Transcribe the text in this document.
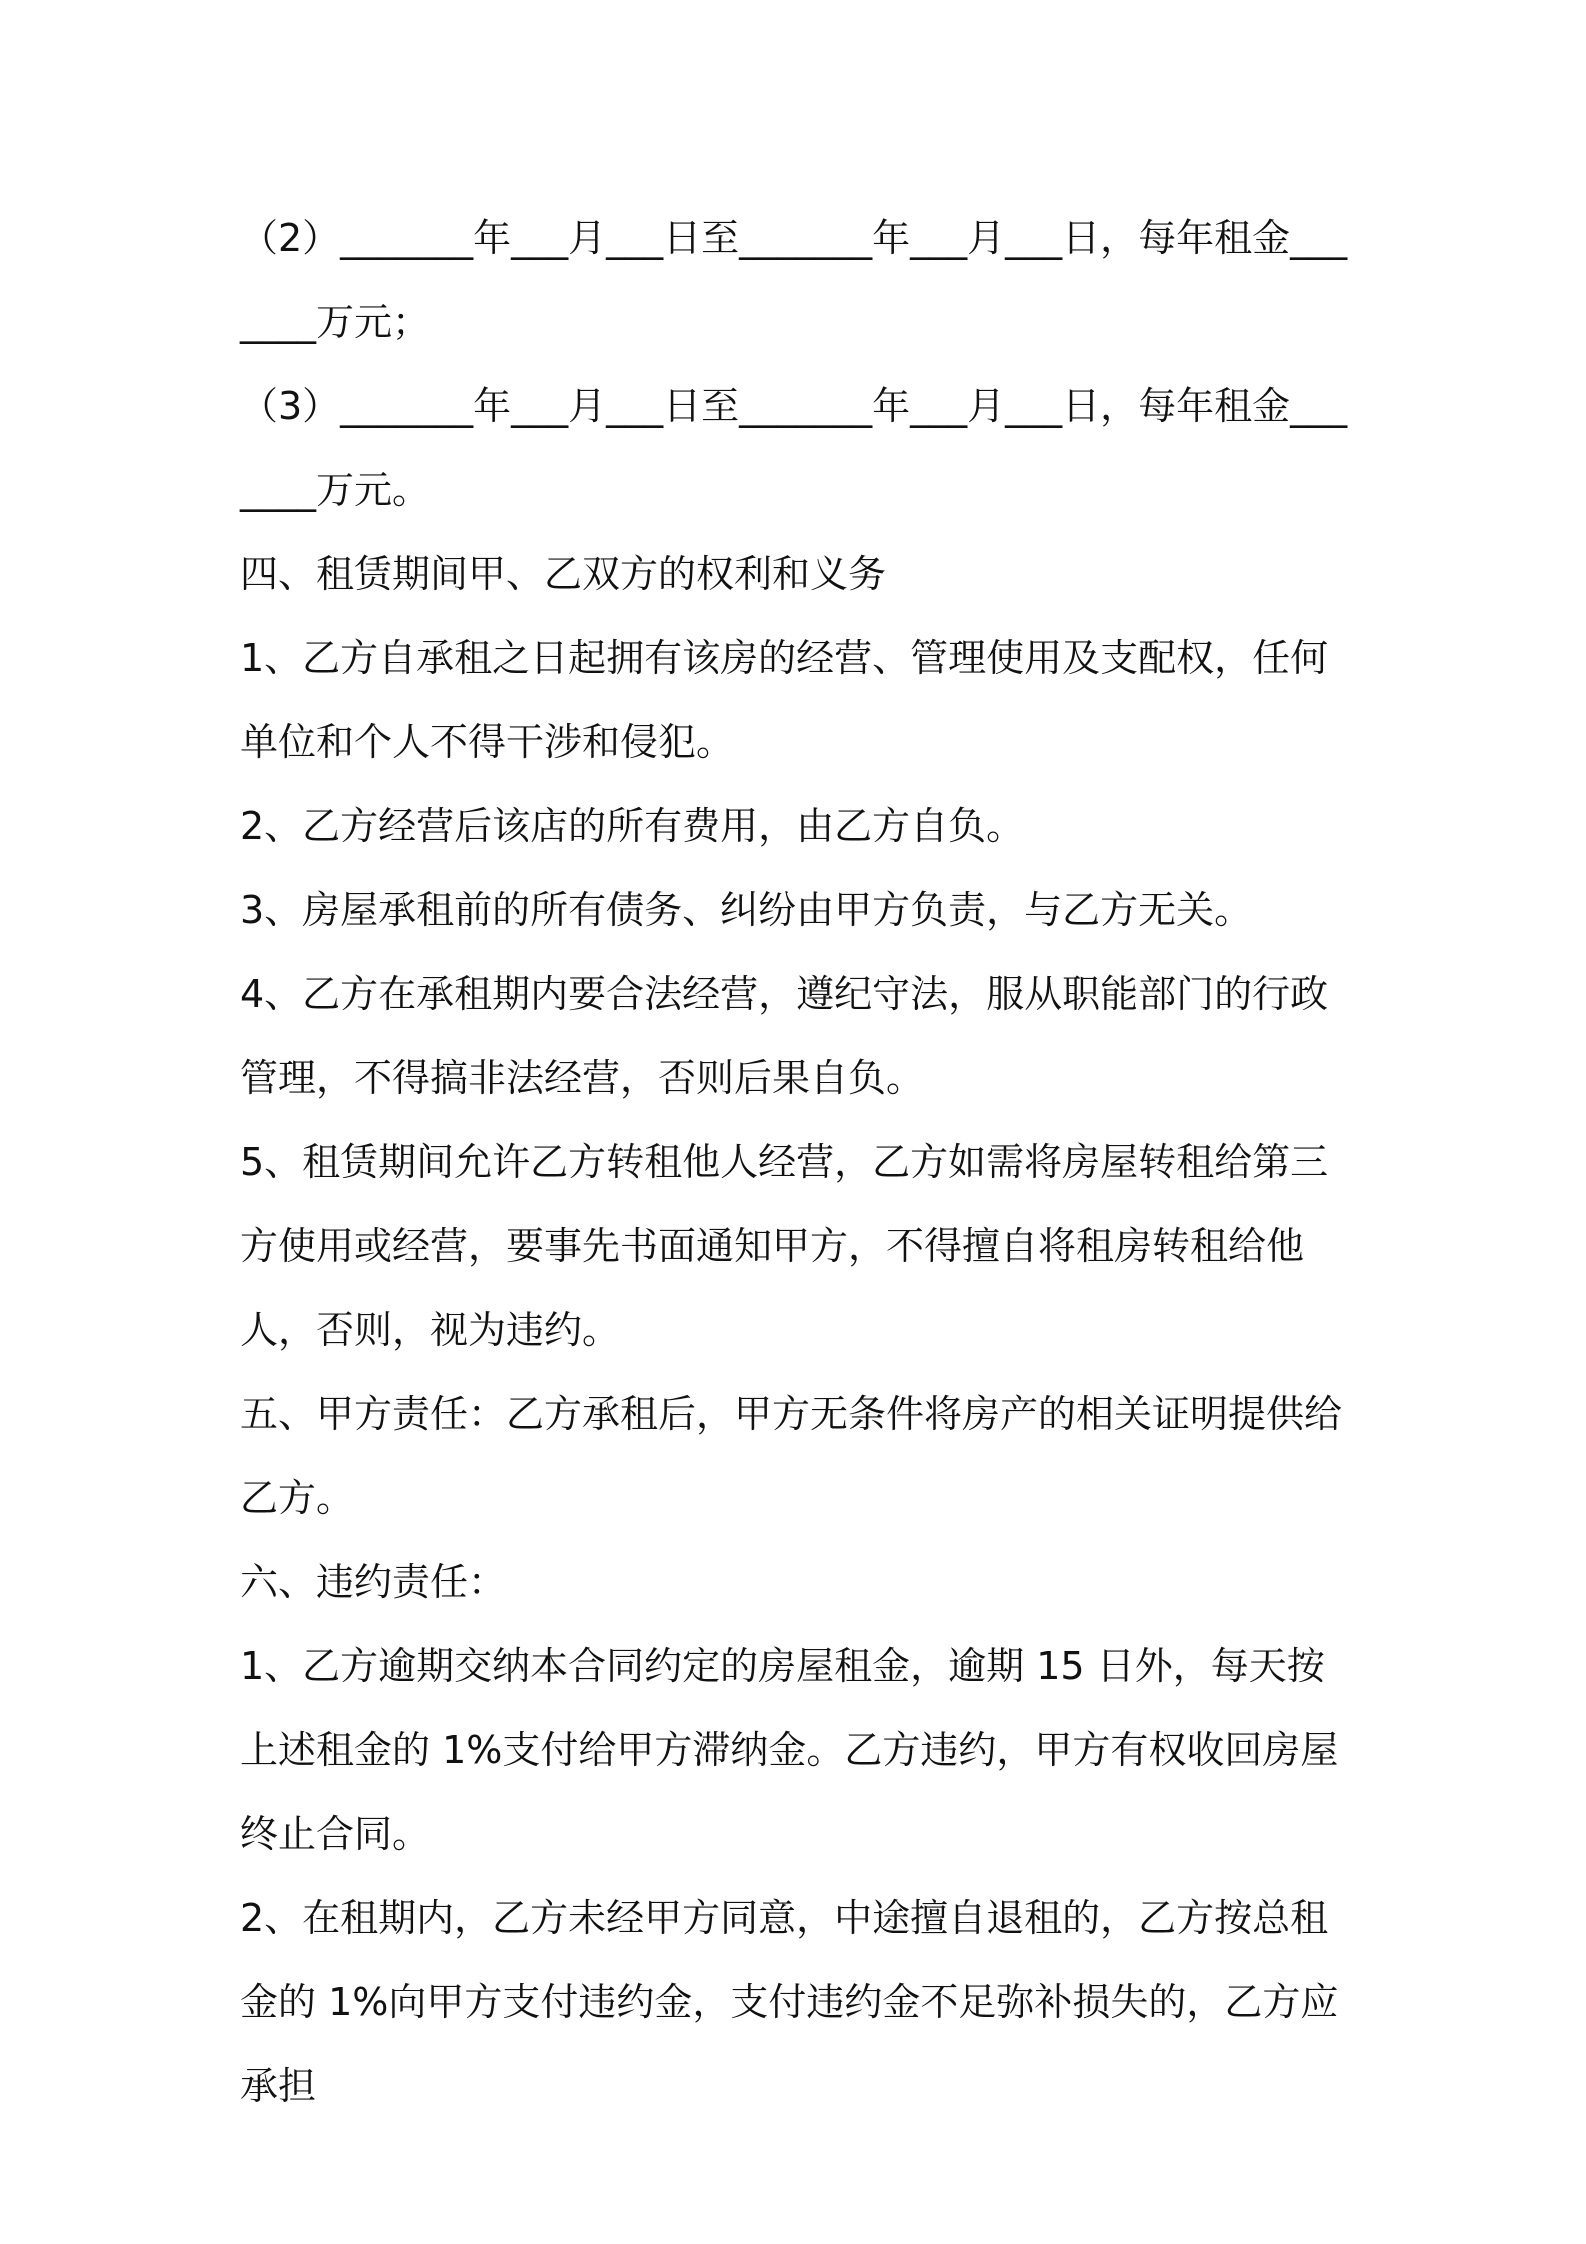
（2）_______年___月___日至_______年___月___日，每年租金_______万元；

（3）_______年___月___日至_______年___月___日，每年租金_______万元。

四、租赁期间甲、乙双方的权利和义务

1、乙方自承租之日起拥有该房的经营、管理使用及支配权，任何单位和个人不得干涉和侵犯。

2、乙方经营后该店的所有费用，由乙方自负。

3、房屋承租前的所有债务、纠纷由甲方负责，与乙方无关。

4、乙方在承租期内要合法经营，遵纪守法，服从职能部门的行政管理，不得搞非法经营，否则后果自负。

5、租赁期间允许乙方转租他人经营，乙方如需将房屋转租给第三方使用或经营，要事先书面通知甲方，不得擅自将租房转租给他人，否则，视为违约。

五、甲方责任：乙方承租后，甲方无条件将房产的相关证明提供给乙方。

六、违约责任：

1、乙方逾期交纳本合同约定的房屋租金，逾期 15 日外，每天按上述租金的 1%支付给甲方滞纳金。乙方违约，甲方有权收回房屋终止合同。

2、在租期内，乙方未经甲方同意，中途擅自退租的，乙方按总租金的 1%向甲方支付违约金，支付违约金不足弥补损失的，乙方应承担
